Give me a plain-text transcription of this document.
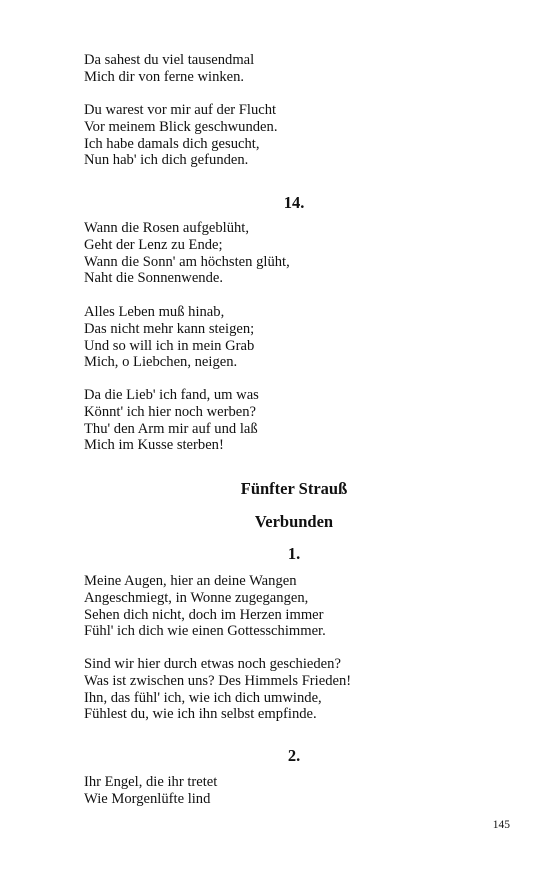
Da sahest du viel tausendmal
Mich dir von ferne winken.
Du warest vor mir auf der Flucht
Vor meinem Blick geschwunden.
Ich habe damals dich gesucht,
Nun hab' ich dich gefunden.
14.
Wann die Rosen aufgeblüht,
Geht der Lenz zu Ende;
Wann die Sonn' am höchsten glüht,
Naht die Sonnenwende.
Alles Leben muß hinab,
Das nicht mehr kann steigen;
Und so will ich in mein Grab
Mich, o Liebchen, neigen.
Da die Lieb' ich fand, um was
Könnt' ich hier noch werben?
Thu' den Arm mir auf und laß
Mich im Kusse sterben!
Fünfter Strauß
Verbunden
1.
Meine Augen, hier an deine Wangen
Angeschmiegt, in Wonne zugegangen,
Sehen dich nicht, doch im Herzen immer
Fühl' ich dich wie einen Gottesschimmer.
Sind wir hier durch etwas noch geschieden?
Was ist zwischen uns? Des Himmels Frieden!
Ihn, das fühl' ich, wie ich dich umwinde,
Fühlest du, wie ich ihn selbst empfinde.
2.
Ihr Engel, die ihr tretet
Wie Morgenlüfte lind
145
